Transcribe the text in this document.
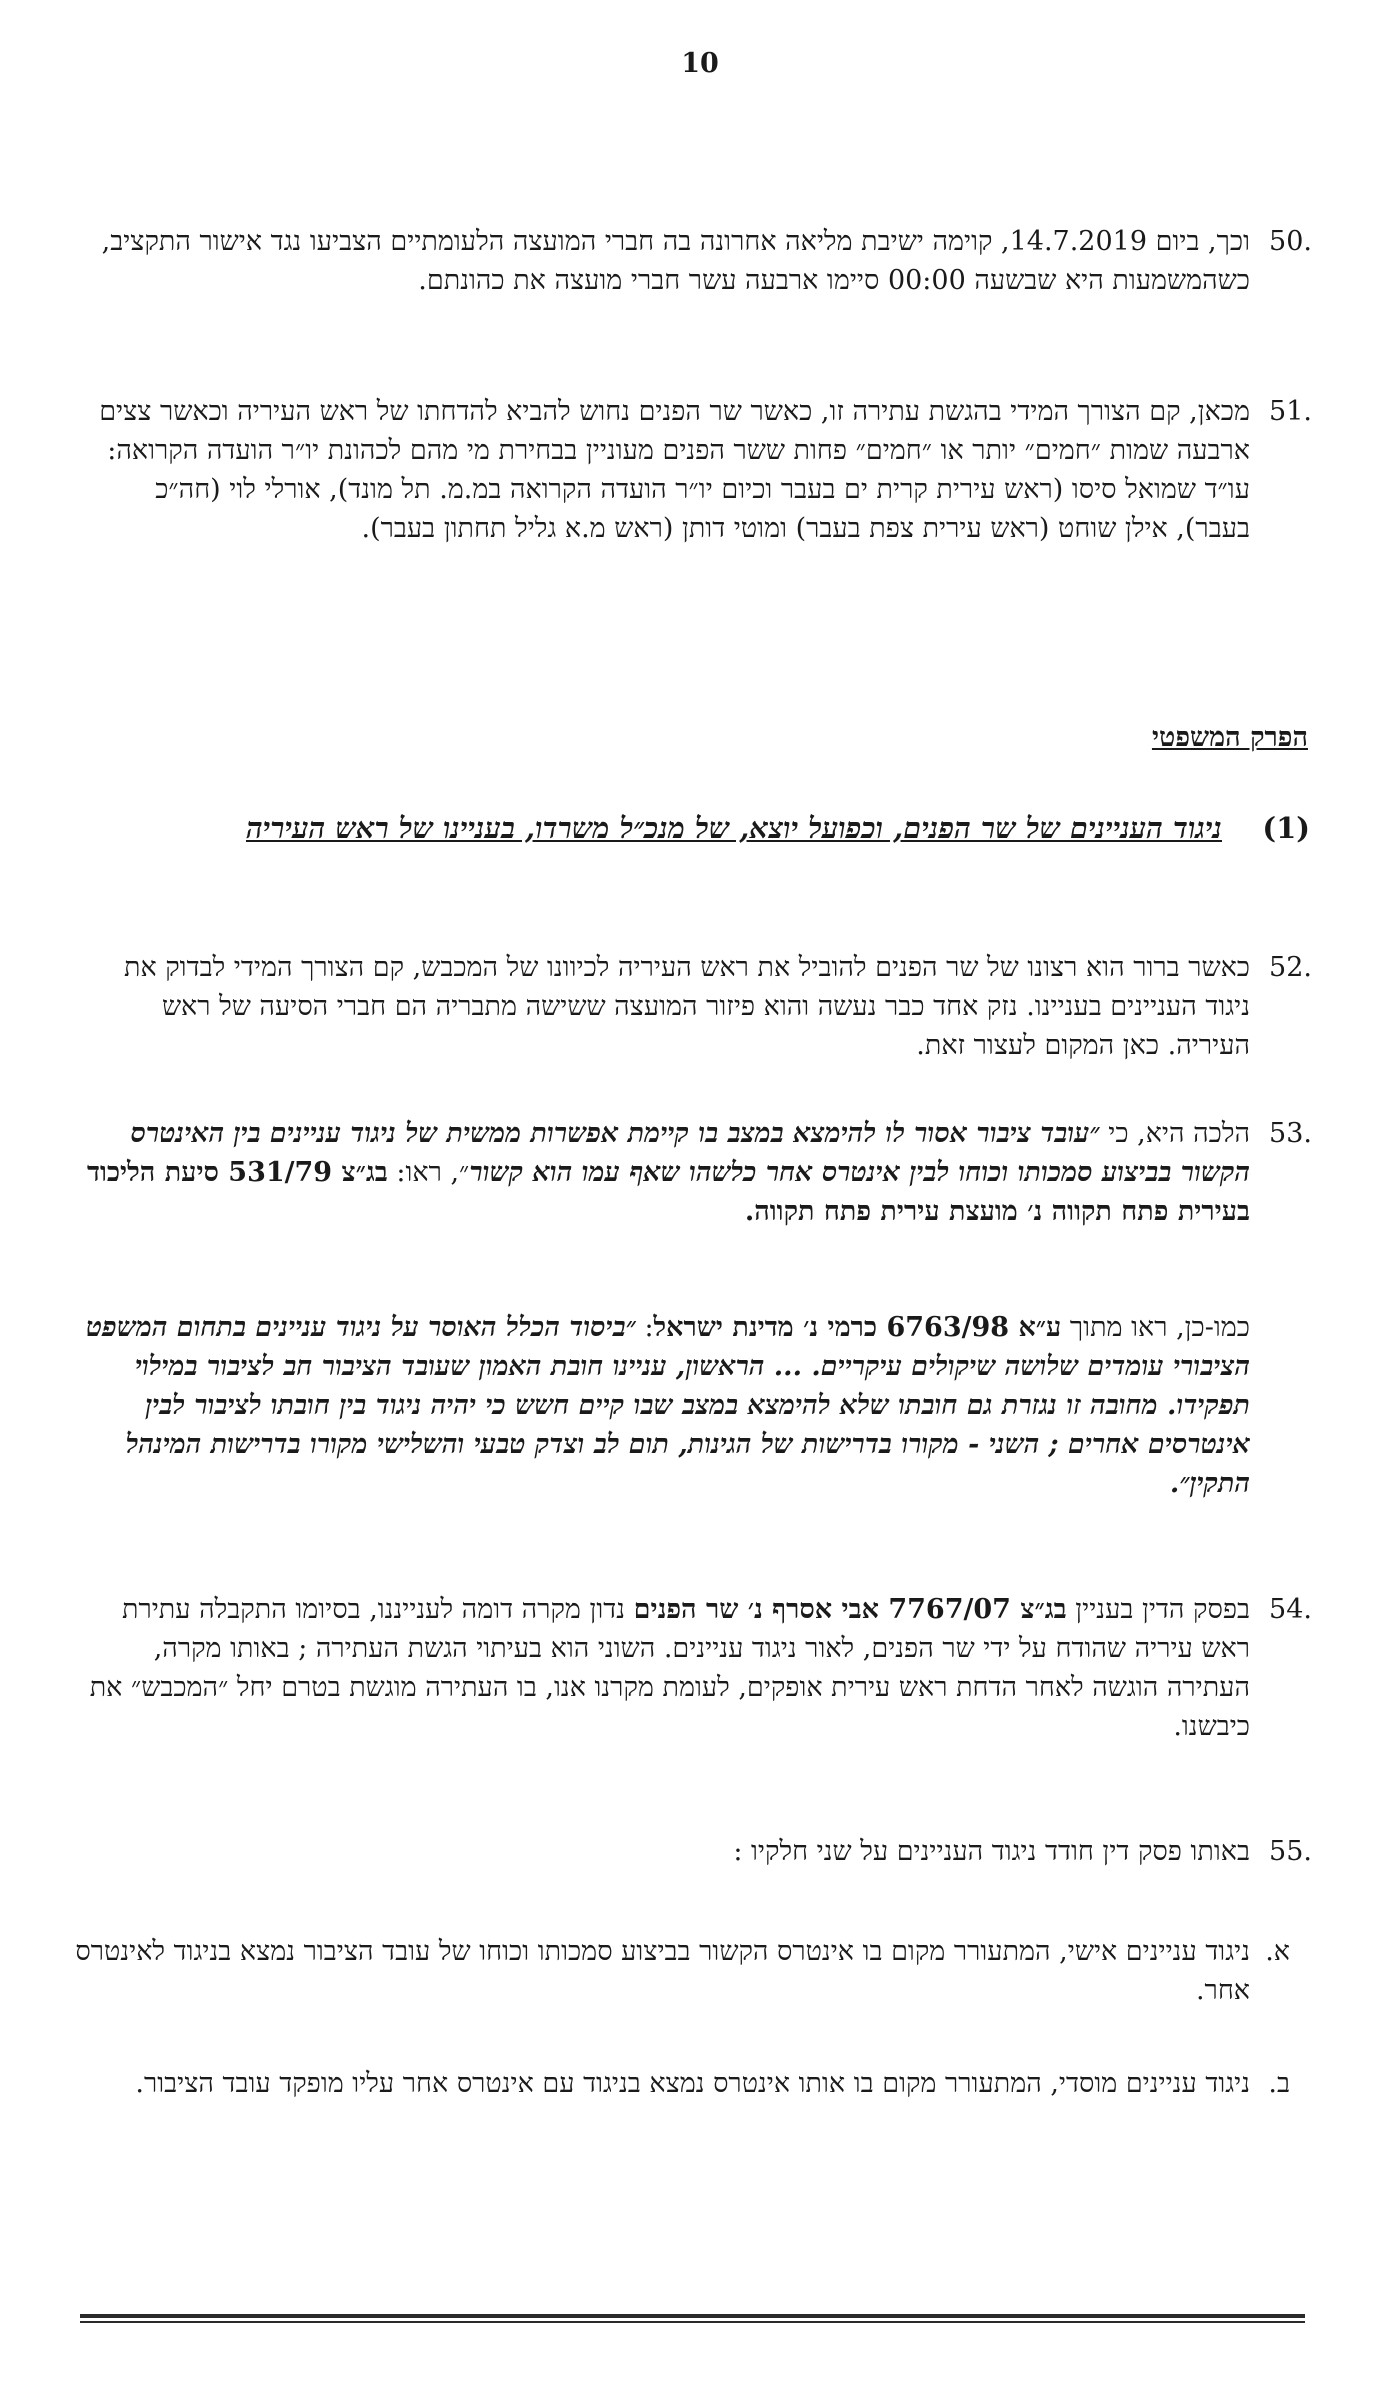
10
50.
וכך, ביום 14.7.2019, קוימה ישיבת מליאה אחרונה בה חברי המועצה הלעומתיים הצביעו נגד אישור התקציב, כשהמשמעות היא שבשעה 00:00 סיימו ארבעה עשר חברי מועצה את כהונתם.
51.
מכאן, קם הצורך המידי בהגשת עתירה זו, כאשר שר הפנים נחוש להביא להדחתו של ראש העיריה וכאשר צצים ארבעה שמות ״חמים״ יותר או ״חמים״ פחות ששר הפנים מעוניין בבחירת מי מהם לכהונת יו״ר הועדה הקרואה: עו״ד שמואל סיסו (ראש עירית קרית ים בעבר וכיום יו״ר הועדה הקרואה במ.מ. תל מונד), אורלי לוי (חה״כ בעבר), אילן שוחט (ראש עירית צפת בעבר) ומוטי דותן (ראש מ.א גליל תחתון בעבר).
הפרק המשפטי
(1)
ניגוד העניינים של שר הפנים, וכפועל יוצא, של מנכ״ל משרדו, בעניינו של ראש העיריה
52.
כאשר ברור הוא רצונו של שר הפנים להוביל את ראש העיריה לכיוונו של המכבש, קם הצורך המידי לבדוק את ניגוד העניינים בעניינו. נזק אחד כבר נעשה והוא פיזור המועצה ששישה מתבריה הם חברי הסיעה של ראש העיריה. כאן המקום לעצור זאת.
53.
הלכה היא, כי ״עובד ציבור אסור לו להימצא במצב בו קיימת אפשרות ממשית של ניגוד עניינים בין האינטרס הקשור בביצוע סמכותו וכוחו לבין אינטרס אחר כלשהו שאף עמו הוא קשור״, ראו: בג״צ 531/79 סיעת הליכוד בעירית פתח תקווה נ׳ מועצת עירית פתח תקווה.
כמו-כן, ראו מתוך ע״א 6763/98 כרמי נ׳ מדינת ישראל: ״ביסוד הכלל האוסר על ניגוד עניינים בתחום המשפט הציבורי עומדים שלושה שיקולים עיקריים. ... הראשון, עניינו חובת האמון שעובד הציבור חב לציבור במילוי תפקידו. מחובה זו נגזרת גם חובתו שלא להימצא במצב שבו קיים חשש כי יהיה ניגוד בין חובתו לציבור לבין אינטרסים אחרים ; השני - מקורו בדרישות של הגינות, תום לב וצדק טבעי והשלישי מקורו בדרישות המינהל התקין״.
54.
בפסק הדין בעניין בג״צ 7767/07 אבי אסרף נ׳ שר הפנים נדון מקרה דומה לענייננו, בסיומו התקבלה עתירת ראש עיריה שהודח על ידי שר הפנים, לאור ניגוד עניינים. השוני הוא בעיתוי הגשת העתירה ; באותו מקרה, העתירה הוגשה לאחר הדחת ראש עירית אופקים, לעומת מקרנו אנו, בו העתירה מוגשת בטרם יחל ״המכבש״ את כיבשנו.
55.
באותו פסק דין חודד ניגוד העניינים על שני חלקיו :
א.
ניגוד עניינים אישי, המתעורר מקום בו אינטרס הקשור בביצוע סמכותו וכוחו של עובד הציבור נמצא בניגוד לאינטרס אחר.
ב.
ניגוד עניינים מוסדי, המתעורר מקום בו אותו אינטרס נמצא בניגוד עם אינטרס אחר עליו מופקד עובד הציבור.
